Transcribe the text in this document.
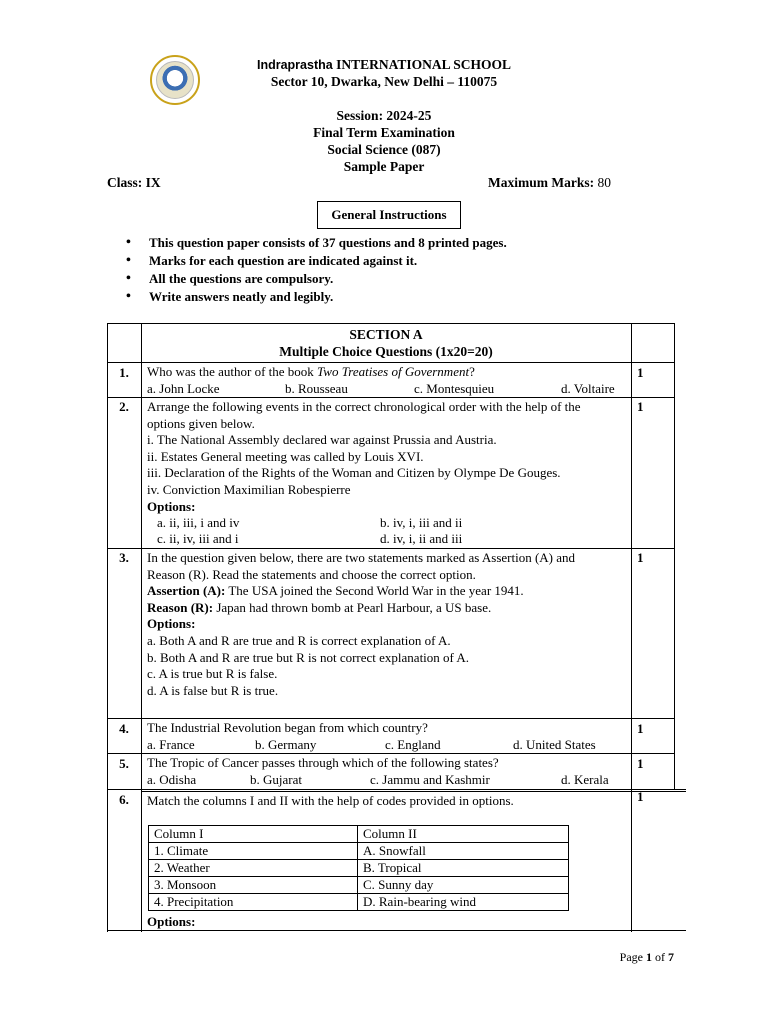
Indraprastha INTERNATIONAL SCHOOL
Sector 10, Dwarka, New Delhi – 110075
Session: 2024-25
Final Term Examination
Social Science (087)
Sample Paper
Class: IX	Maximum Marks: 80
General Instructions
• This question paper consists of 37 questions and 8 printed pages.
• Marks for each question are indicated against it.
• All the questions are compulsory.
• Write answers neatly and legibly.
SECTION A
Multiple Choice Questions (1x20=20)
1.	1
Who was the author of the book Two Treatises of Government?
a. John Locke	b. Rousseau	c. Montesquieu	d. Voltaire
2.	1
Arrange the following events in the correct chronological order with the help of the
options given below.
i. The National Assembly declared war against Prussia and Austria.
ii. Estates General meeting was called by Louis XVI.
iii. Declaration of the Rights of the Woman and Citizen by Olympe De Gouges.
iv. Conviction Maximilian Robespierre
Options:
a. ii, iii, i and iv	b. iv, i, iii and ii
c. ii, iv, iii and i	d. iv, i, ii and iii
3.	1
In the question given below, there are two statements marked as Assertion (A) and
Reason (R). Read the statements and choose the correct option.
Assertion (A): The USA joined the Second World War in the year 1941.
Reason (R): Japan had thrown bomb at Pearl Harbour, a US base.
Options:
a. Both A and R are true and R is correct explanation of A.
b. Both A and R are true but R is not correct explanation of A.
c. A is true but R is false.
d. A is false but R is true.
4.	1
The Industrial Revolution began from which country?
a. France	b. Germany	c. England	d. United States
5.	1
The Tropic of Cancer passes through which of the following states?
a. Odisha	b. Gujarat	c. Jammu and Kashmir	d. Kerala
6.	1
Match the columns I and II with the help of codes provided in options.
Column I	Column II
1. Climate	A. Snowfall
2. Weather	B. Tropical
3. Monsoon	C. Sunny day
4. Precipitation	D. Rain-bearing wind
Options:
Page 1 of 7
